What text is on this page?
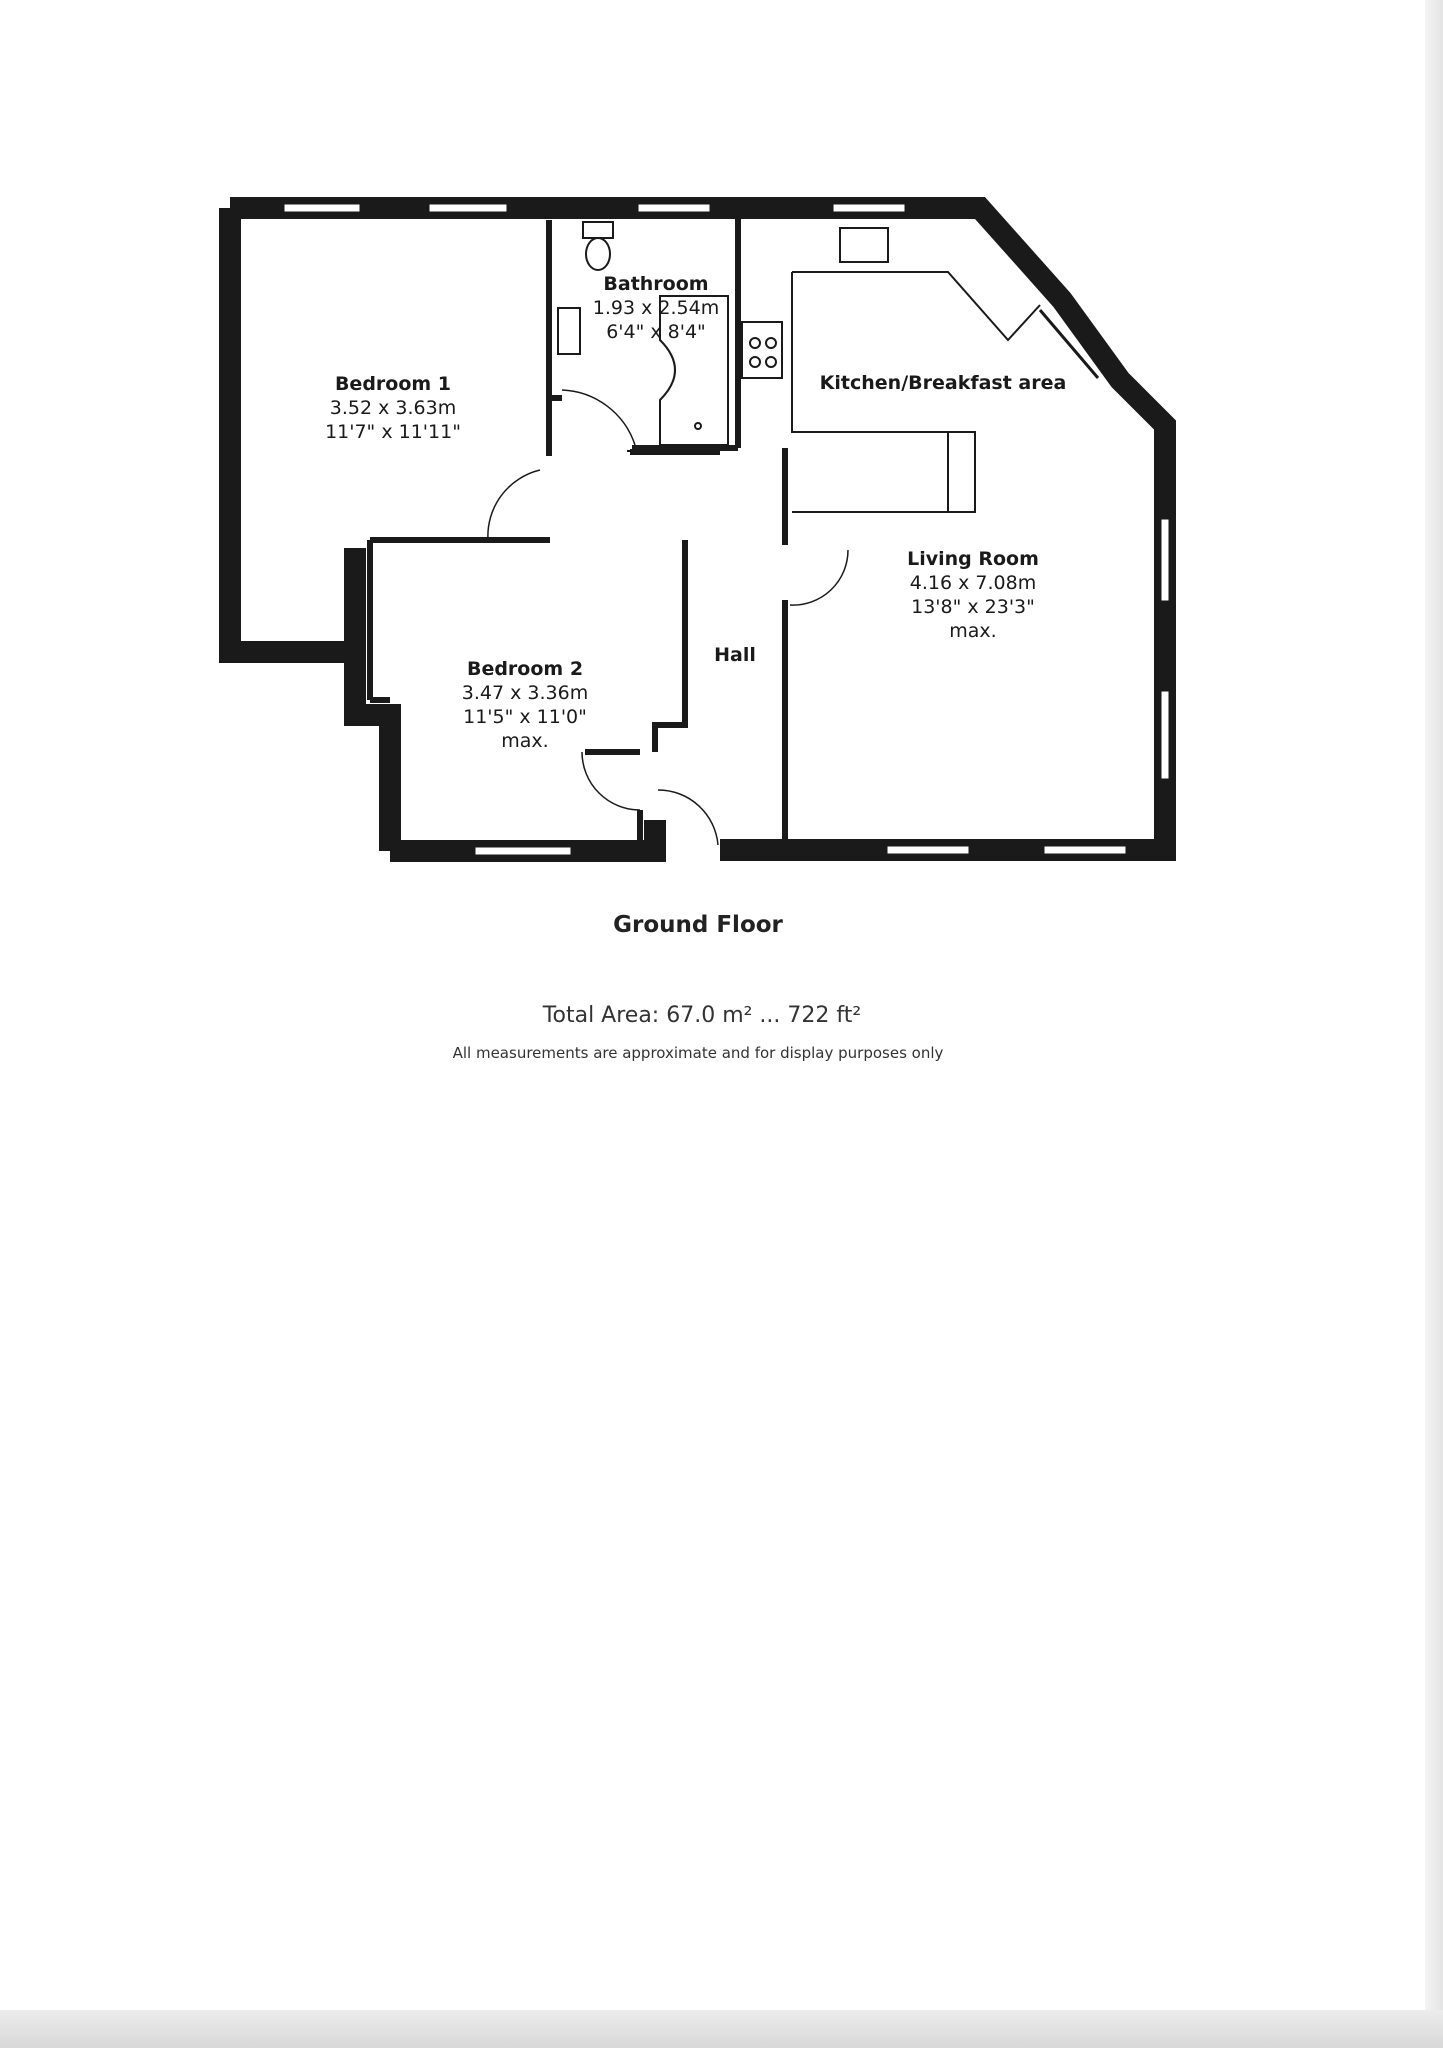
Bedroom 1
3.52 x 3.63m
11'7" x 11'11"
Bathroom
1.93 x 2.54m
6'4" x 8'4"
Kitchen/Breakfast area
Living Room
4.16 x 7.08m
13'8" x 23'3"
max.
Bedroom 2
3.47 x 3.36m
11'5" x 11'0"
max.
Hall
Ground Floor
Total Area: 67.0 m² ... 722 ft²
All measurements are approximate and for display purposes only
